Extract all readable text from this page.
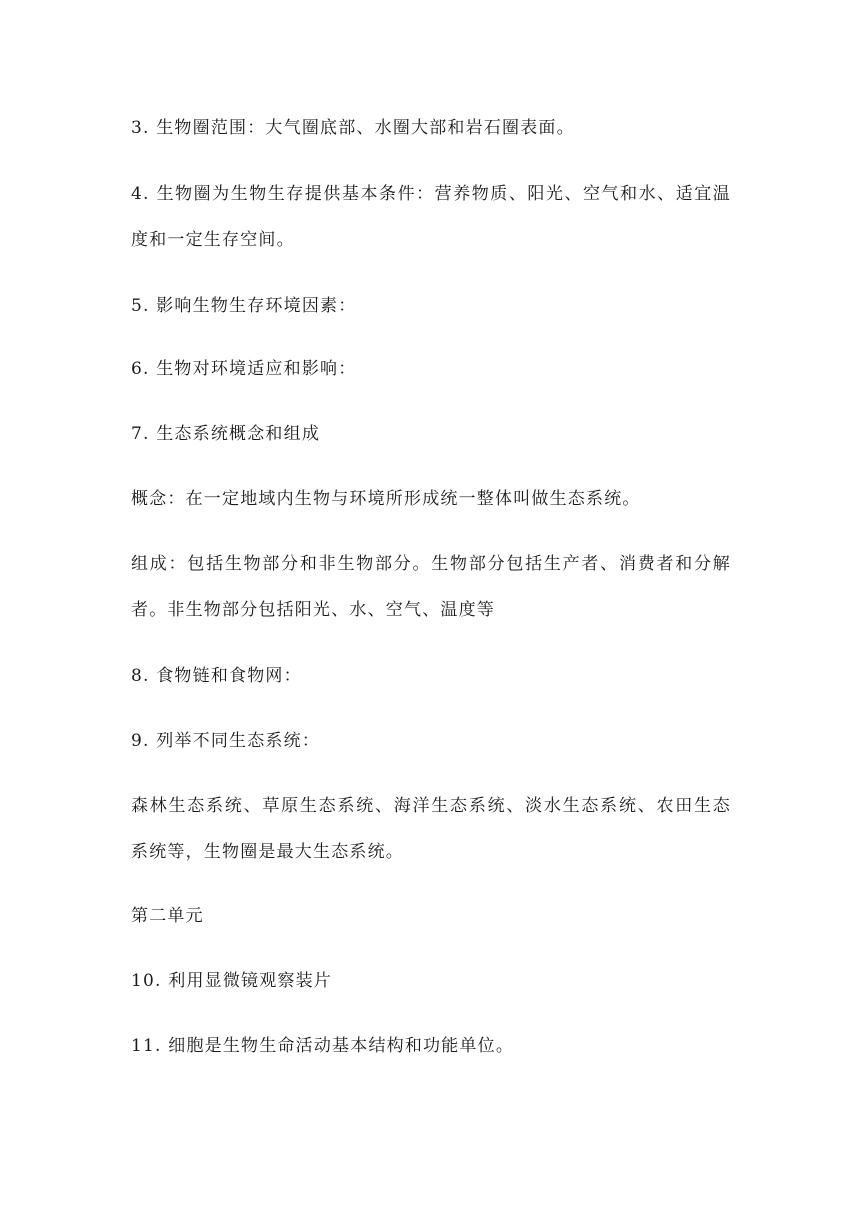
3. 生物圈范围：大气圈底部、水圈大部和岩石圈表面。

4. 生物圈为生物生存提供基本条件：营养物质、阳光、空气和水、适宜温度和一定生存空间。

5. 影响生物生存环境因素：

6. 生物对环境适应和影响：

7. 生态系统概念和组成

概念：在一定地域内生物与环境所形成统一整体叫做生态系统。

组成：包括生物部分和非生物部分。生物部分包括生产者、消费者和分解者。非生物部分包括阳光、水、空气、温度等

8. 食物链和食物网：

9. 列举不同生态系统：

森林生态系统、草原生态系统、海洋生态系统、淡水生态系统、农田生态系统等，生物圈是最大生态系统。

第二单元

10. 利用显微镜观察装片

11. 细胞是生物生命活动基本结构和功能单位。
